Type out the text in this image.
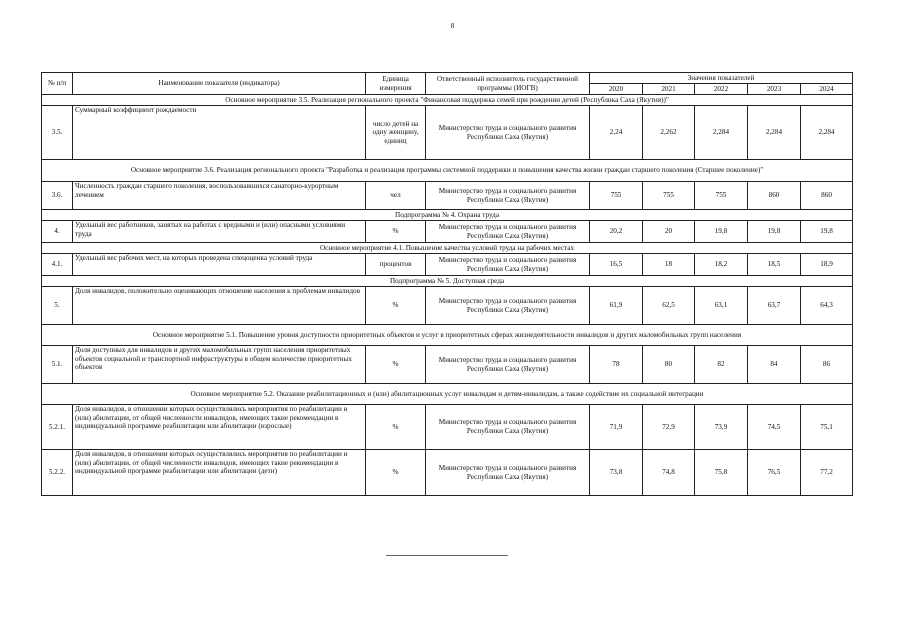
8
№ п/п	Наименование показателя (индикатора)	Единица измерения	Ответственный исполнитель государственной программы (ИОГВ)	Значения показателей				
				2020	2021	2022	2023	2024
Основное мероприятие 3.5. Реализация регионального проекта "Финансовая поддержка семей при рождении детей (Республика Саха (Якутия))"								
3.5.	Суммарный коэффициент рождаемости	число детей на одну женщину, единиц	Министерство труда и социального развития Республики Саха (Якутия)	2,24	2,262	2,284	2,284	2,284
Основное мероприятие 3.6. Реализация регионального проекта "Разработка и реализация программы системной поддержки и повышения качества жизни граждан старшего поколения (Старшее поколение)"								
3.6.	Численность граждан старшего поколения, воспользовавшихся санаторно-курортным лечением	чел	Министерство труда и социального развития Республики Саха (Якутия)	755	755	755	860	860
Подпрограмма № 4. Охрана труда								
4.	Удельный вес работников, занятых на работах с вредными и (или) опасными условиями труда	%	Министерство труда и социального развития Республики Саха (Якутия)	20,2	20	19,8	19,8	19,8
Основное мероприятие 4.1. Повышение качества условий труда на рабочих местах								
4.1.	Удельный вес рабочих мест, на которых проведена спецоценка условий труда	процентов	Министерство труда и социального развития Республики Саха (Якутия)	16,5	18	18,2	18,5	18,9
Подпрограмма № 5. Доступная среда								
5.	Доля инвалидов, положительно оценивающих отношение населения к проблемам инвалидов	%	Министерство труда и социального развития Республики Саха (Якутия)	61,9	62,5	63,1	63,7	64,3
Основное мероприятие 5.1. Повышение уровня доступности приоритетных объектов и услуг в приоритетных сферах жизнедеятельности инвалидов и других маломобильных групп населения								
5.1.	Доля доступных для инвалидов и других маломобильных групп населения приоритетных объектов социальной и транспортной инфраструктуры в общем количестве приоритетных объектов	%	Министерство труда и социального развития Республики Саха (Якутия)	78	80	82	84	86
Основное мероприятие 5.2. Оказание реабилитационных и (или) абилитационных услуг инвалидам и детям-инвалидам, а также содействие их социальной интеграции								
5.2.1.	Доля инвалидов, в отношении которых осуществлялись мероприятия по реабилитации и (или) абилитации, от общей численности инвалидов, имеющих такие рекомендации в индивидуальной программе реабилитации или абилитации (взрослые)	%	Министерство труда и социального развития Республики Саха (Якутия)	71,9	72,9	73,9	74,5	75,1
5.2.2.	Доля инвалидов, в отношении которых осуществлялись мероприятия по реабилитации и (или) абилитации, от общей численности инвалидов, имеющих такие рекомендации в индивидуальной программе реабилитации или абилитации (дети)	%	Министерство труда и социального развития Республики Саха (Якутия)	73,8	74,8	75,8	76,5	77,2
